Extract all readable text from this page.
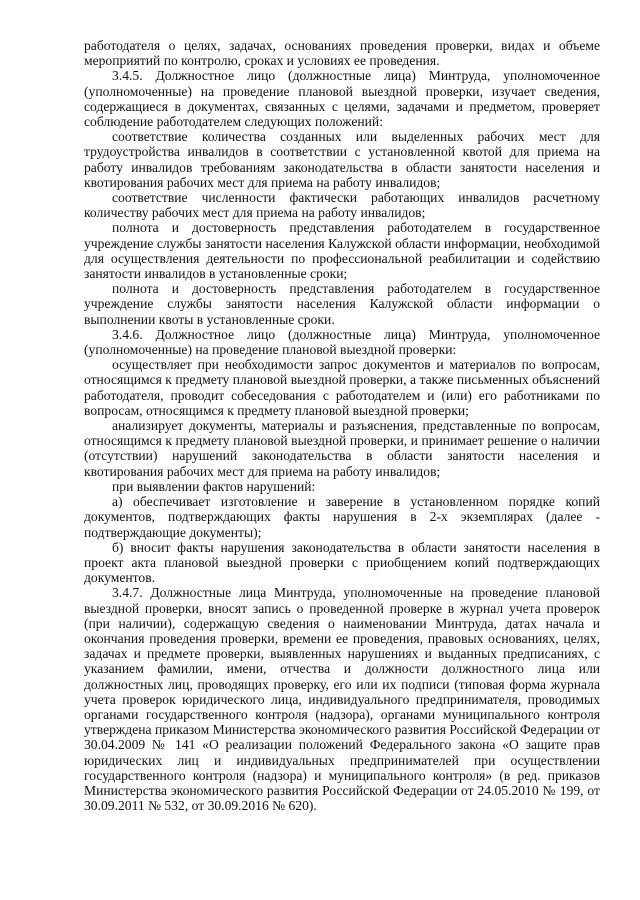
работодателя о целях, задачах, основаниях проведения проверки, видах и объеме мероприятий по контролю, сроках и условиях ее проведения.

3.4.5. Должностное лицо (должностные лица) Минтруда, уполномоченное (уполномоченные) на проведение плановой выездной проверки, изучает сведения, содержащиеся в документах, связанных с целями, задачами и предметом, проверяет соблюдение работодателем следующих положений:

соответствие количества созданных или выделенных рабочих мест для трудоустройства инвалидов в соответствии с установленной квотой для приема на работу инвалидов требованиям законодательства в области занятости населения и квотирования рабочих мест для приема на работу инвалидов;

соответствие численности фактически работающих инвалидов расчетному количеству рабочих мест для приема на работу инвалидов;

полнота и достоверность представления работодателем в государственное учреждение службы занятости населения Калужской области информации, необходимой для осуществления деятельности по профессиональной реабилитации и содействию занятости инвалидов в установленные сроки;

полнота и достоверность представления работодателем в государственное учреждение службы занятости населения Калужской области информации о выполнении квоты в установленные сроки.

3.4.6. Должностное лицо (должностные лица) Минтруда, уполномоченное (уполномоченные) на проведение плановой выездной проверки:

осуществляет при необходимости запрос документов и материалов по вопросам, относящимся к предмету плановой выездной проверки, а также письменных объяснений работодателя, проводит собеседования с работодателем и (или) его работниками по вопросам, относящимся к предмету плановой выездной проверки;

анализирует документы, материалы и разъяснения, представленные по вопросам, относящимся к предмету плановой выездной проверки, и принимает решение о наличии (отсутствии) нарушений законодательства в области занятости населения и квотирования рабочих мест для приема на работу инвалидов;

при выявлении фактов нарушений:

а) обеспечивает изготовление и заверение в установленном порядке копий документов, подтверждающих факты нарушения в 2-х экземплярах (далее - подтверждающие документы);

б) вносит факты нарушения законодательства в области занятости населения в проект акта плановой выездной проверки с приобщением копий подтверждающих документов.

3.4.7. Должностные лица Минтруда, уполномоченные на проведение плановой выездной проверки, вносят запись о проведенной проверке в журнал учета проверок (при наличии), содержащую сведения о наименовании Минтруда, датах начала и окончания проведения проверки, времени ее проведения, правовых основаниях, целях, задачах и предмете проверки, выявленных нарушениях и выданных предписаниях, с указанием фамилии, имени, отчества и должности должностного лица или должностных лиц, проводящих проверку, его или их подписи (типовая форма журнала учета проверок юридического лица, индивидуального предпринимателя, проводимых органами государственного контроля (надзора), органами муниципального контроля утверждена приказом Министерства экономического развития Российской Федерации от 30.04.2009 № 141 «О реализации положений Федерального закона «О защите прав юридических лиц и индивидуальных предпринимателей при осуществлении государственного контроля (надзора) и муниципального контроля» (в ред. приказов Министерства экономического развития Российской Федерации от 24.05.2010 № 199, от 30.09.2011 № 532, от 30.09.2016 № 620).
